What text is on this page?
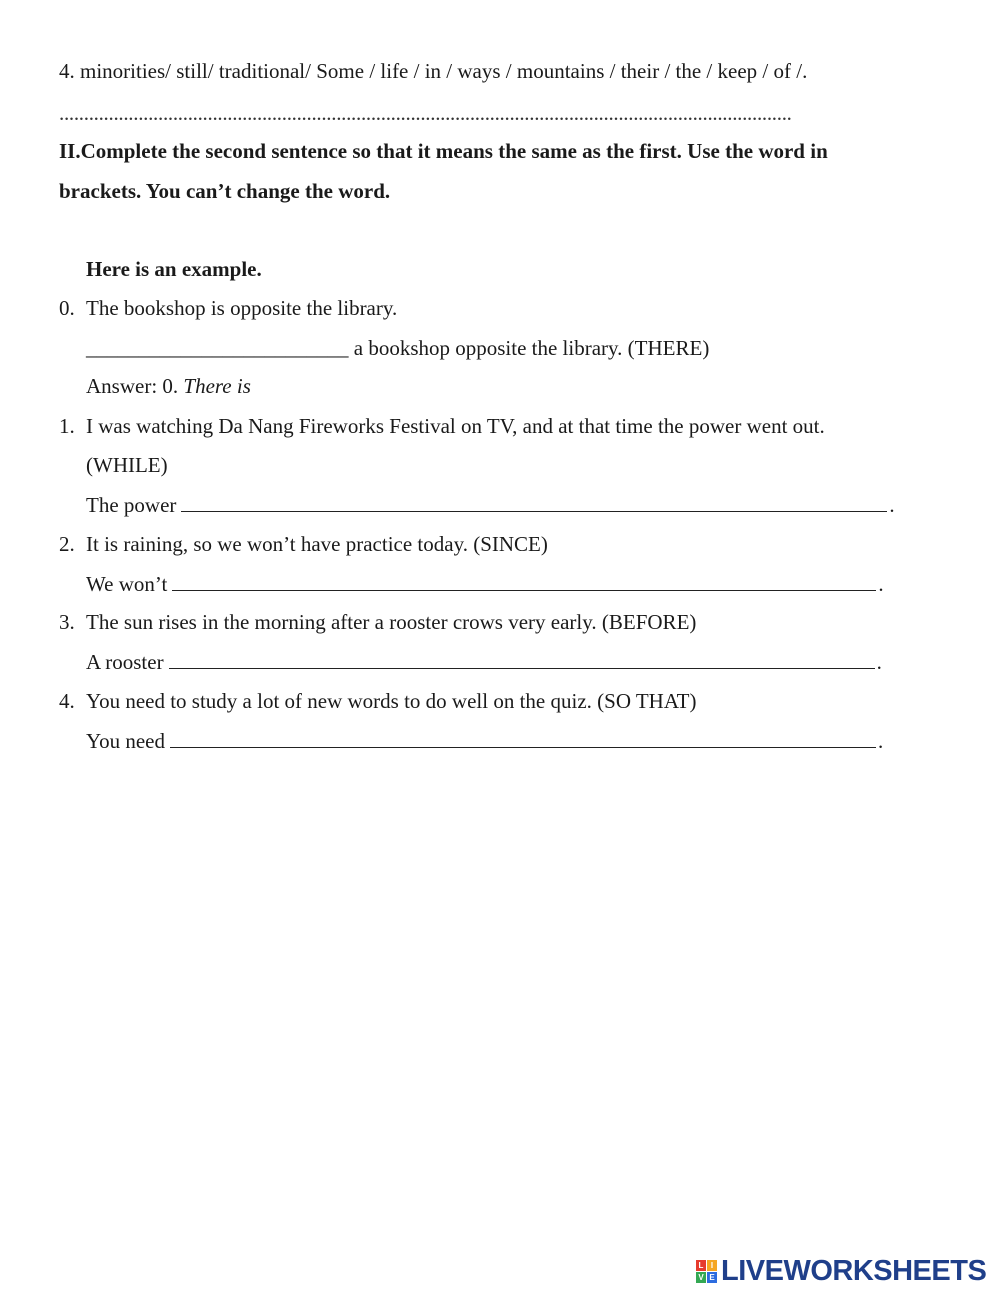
4. minorities/ still/ traditional/ Some / life / in / ways / mountains / their / the / keep / of /.
....................................................................................................................................................
II.Complete the second sentence so that it means the same as the first. Use the word in
brackets. You can’t change the word.
Here is an example.
0. The bookshop is opposite the library.
_________________________ a bookshop opposite the library. (THERE)
Answer: 0. There is
1. I was watching Da Nang Fireworks Festival on TV, and at that time the power went out.
(WHILE)
The power	.
2. It is raining, so we won’t have practice today. (SINCE)
We won’t	.
3. The sun rises in the morning after a rooster crows very early. (BEFORE)
A rooster	.
4. You need to study a lot of new words to do well on the quiz. (SO THAT)
You need	.
L I
V E LIVEWORKSHEETS
